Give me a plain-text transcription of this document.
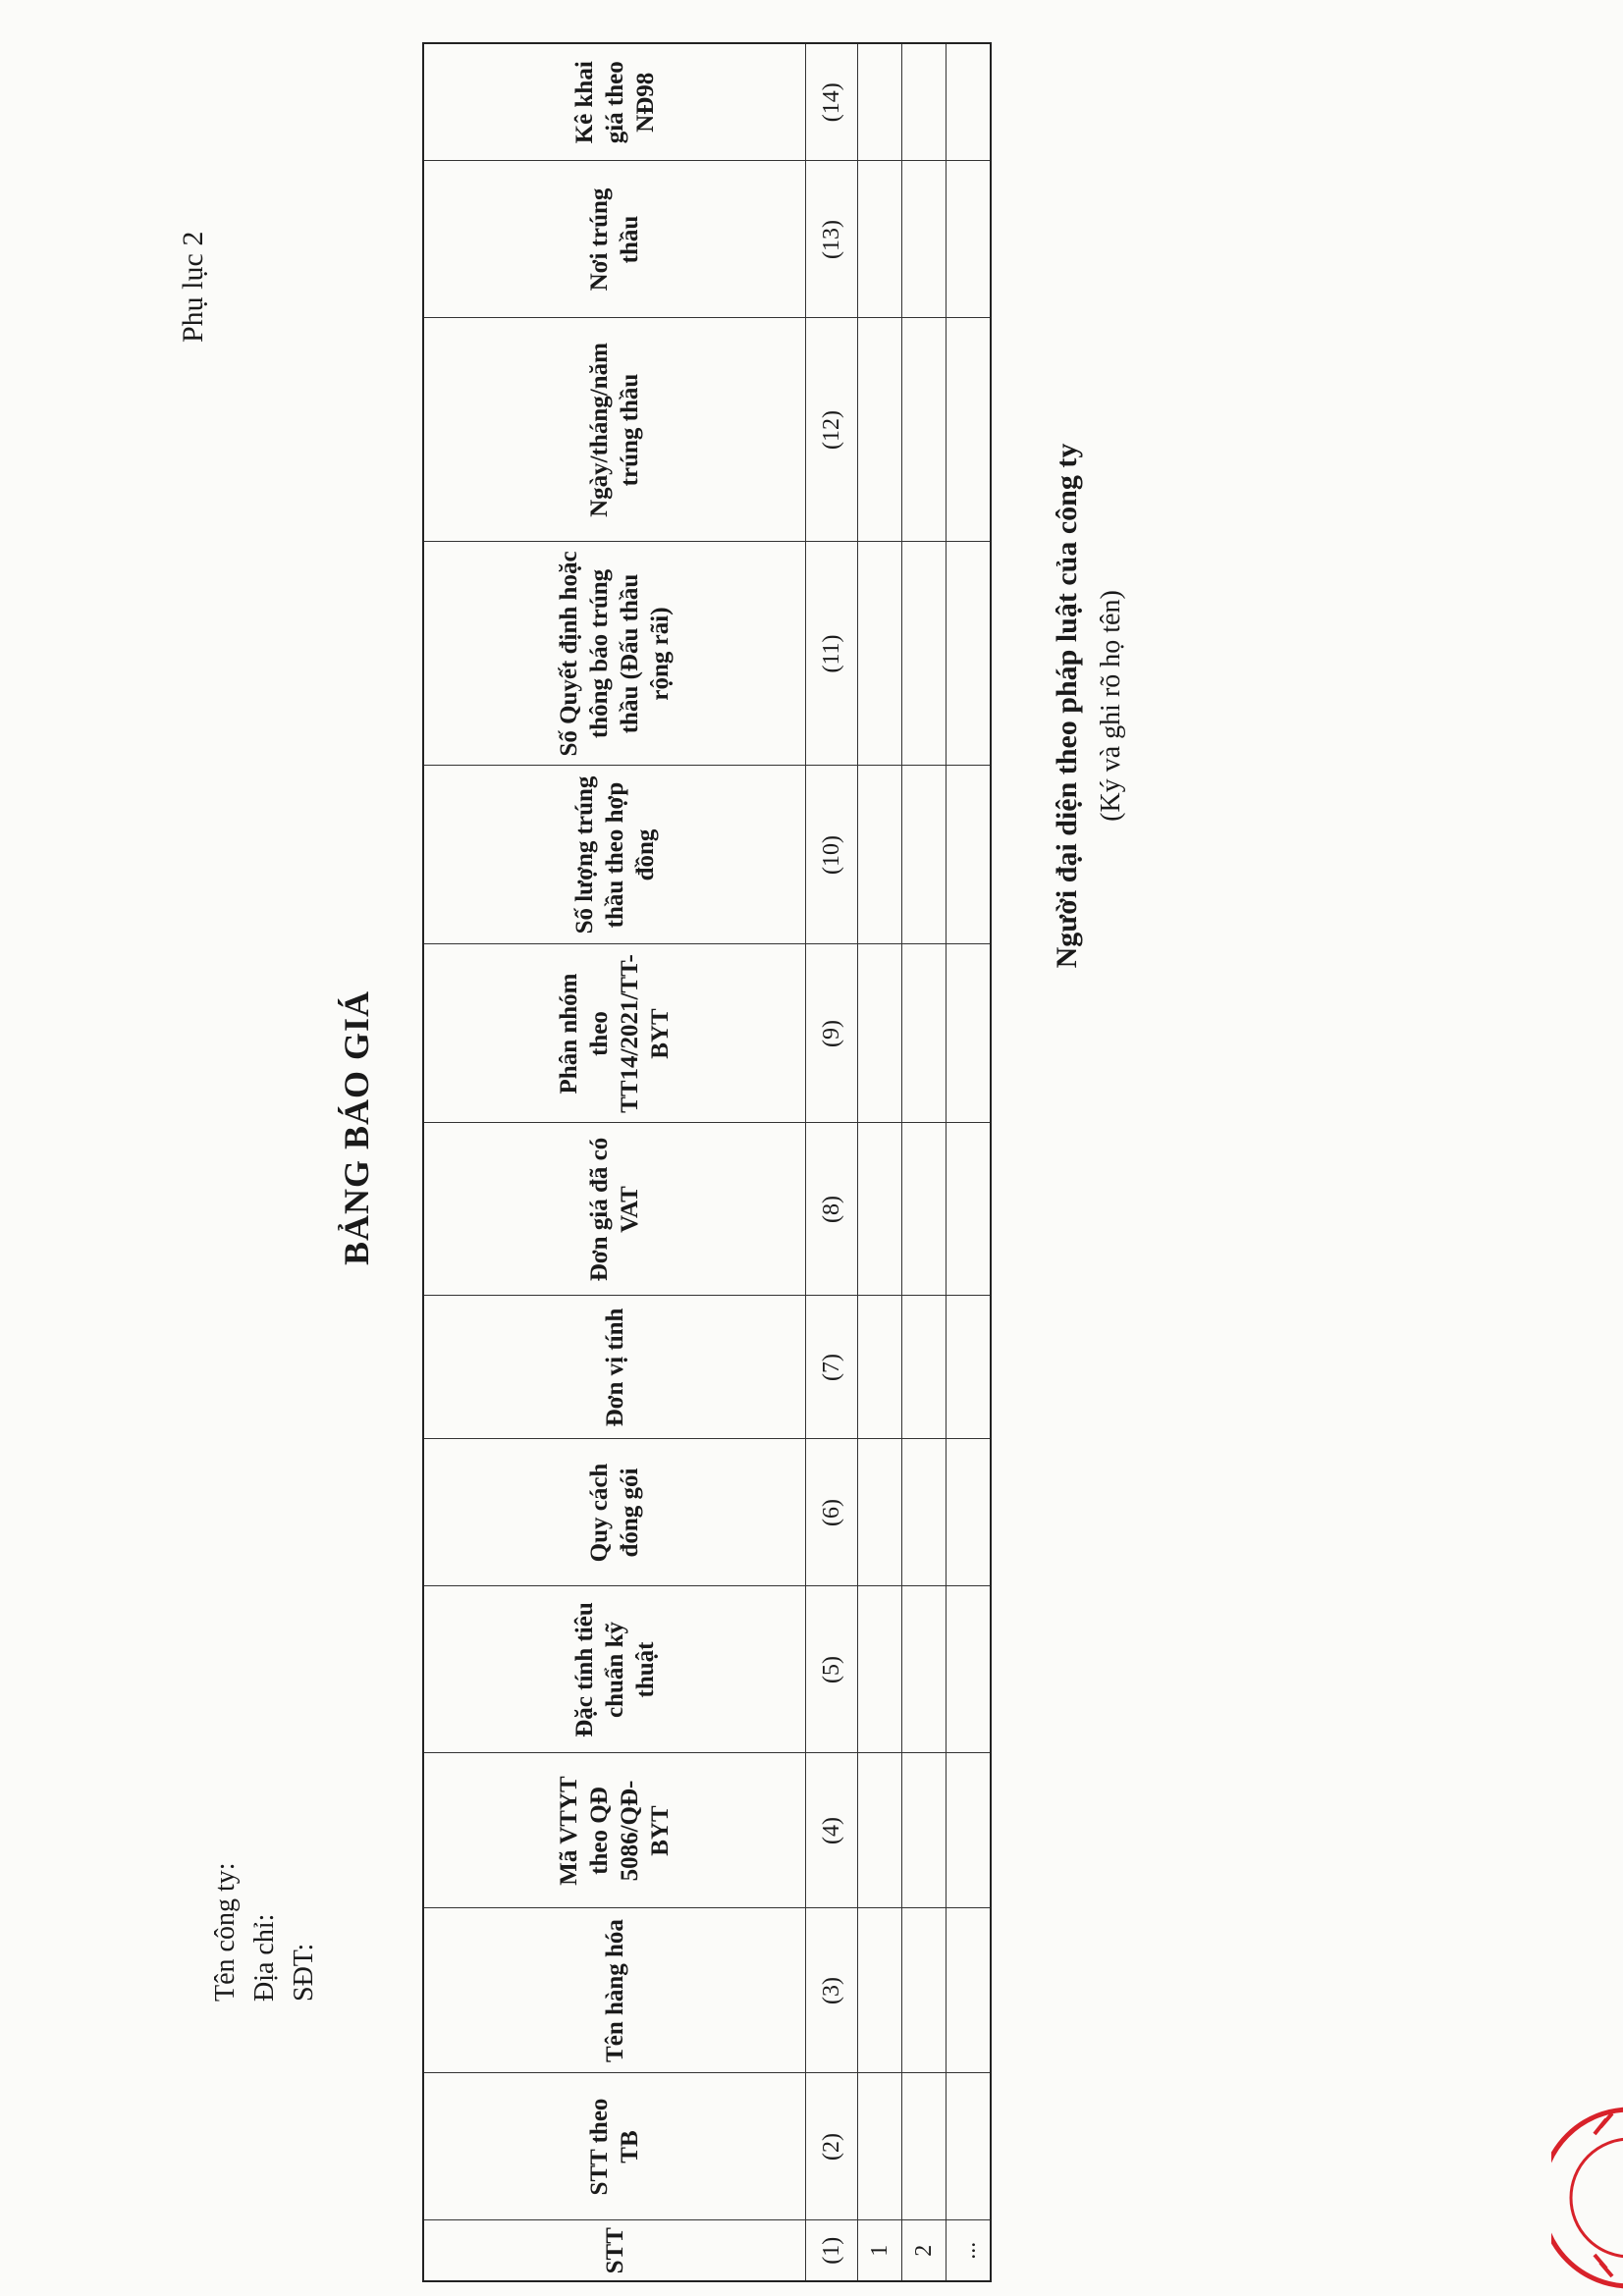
Phụ lục 2
Tên công ty: Địa chỉ: SĐT:
BẢNG BÁO GIÁ
STT	STT theo TB	Tên hàng hóa	Mã VTYT theo QĐ 5086/QĐ-BYT	Đặc tính tiêu chuẩn kỹ thuật	Quy cách đóng gói	Đơn vị tính	Đơn giá đã có VAT	Phân nhóm theo TT14/2021/TT-BYT	Số lượng trúng thầu theo hợp đồng	Số Quyết định hoặc thông báo trúng thầu (Đấu thầu rộng rãi)	Ngày/tháng/năm trúng thầu	Nơi trúng thầu	Kê khai giá theo NĐ98
(1)	(2)	(3)	(4)	(5)	(6)	(7)	(8)	(9)	(10)	(11)	(12)	(13)	(14)
1													
2													
...													
Người đại diện theo pháp luật của công ty (Ký và ghi rõ họ tên)
